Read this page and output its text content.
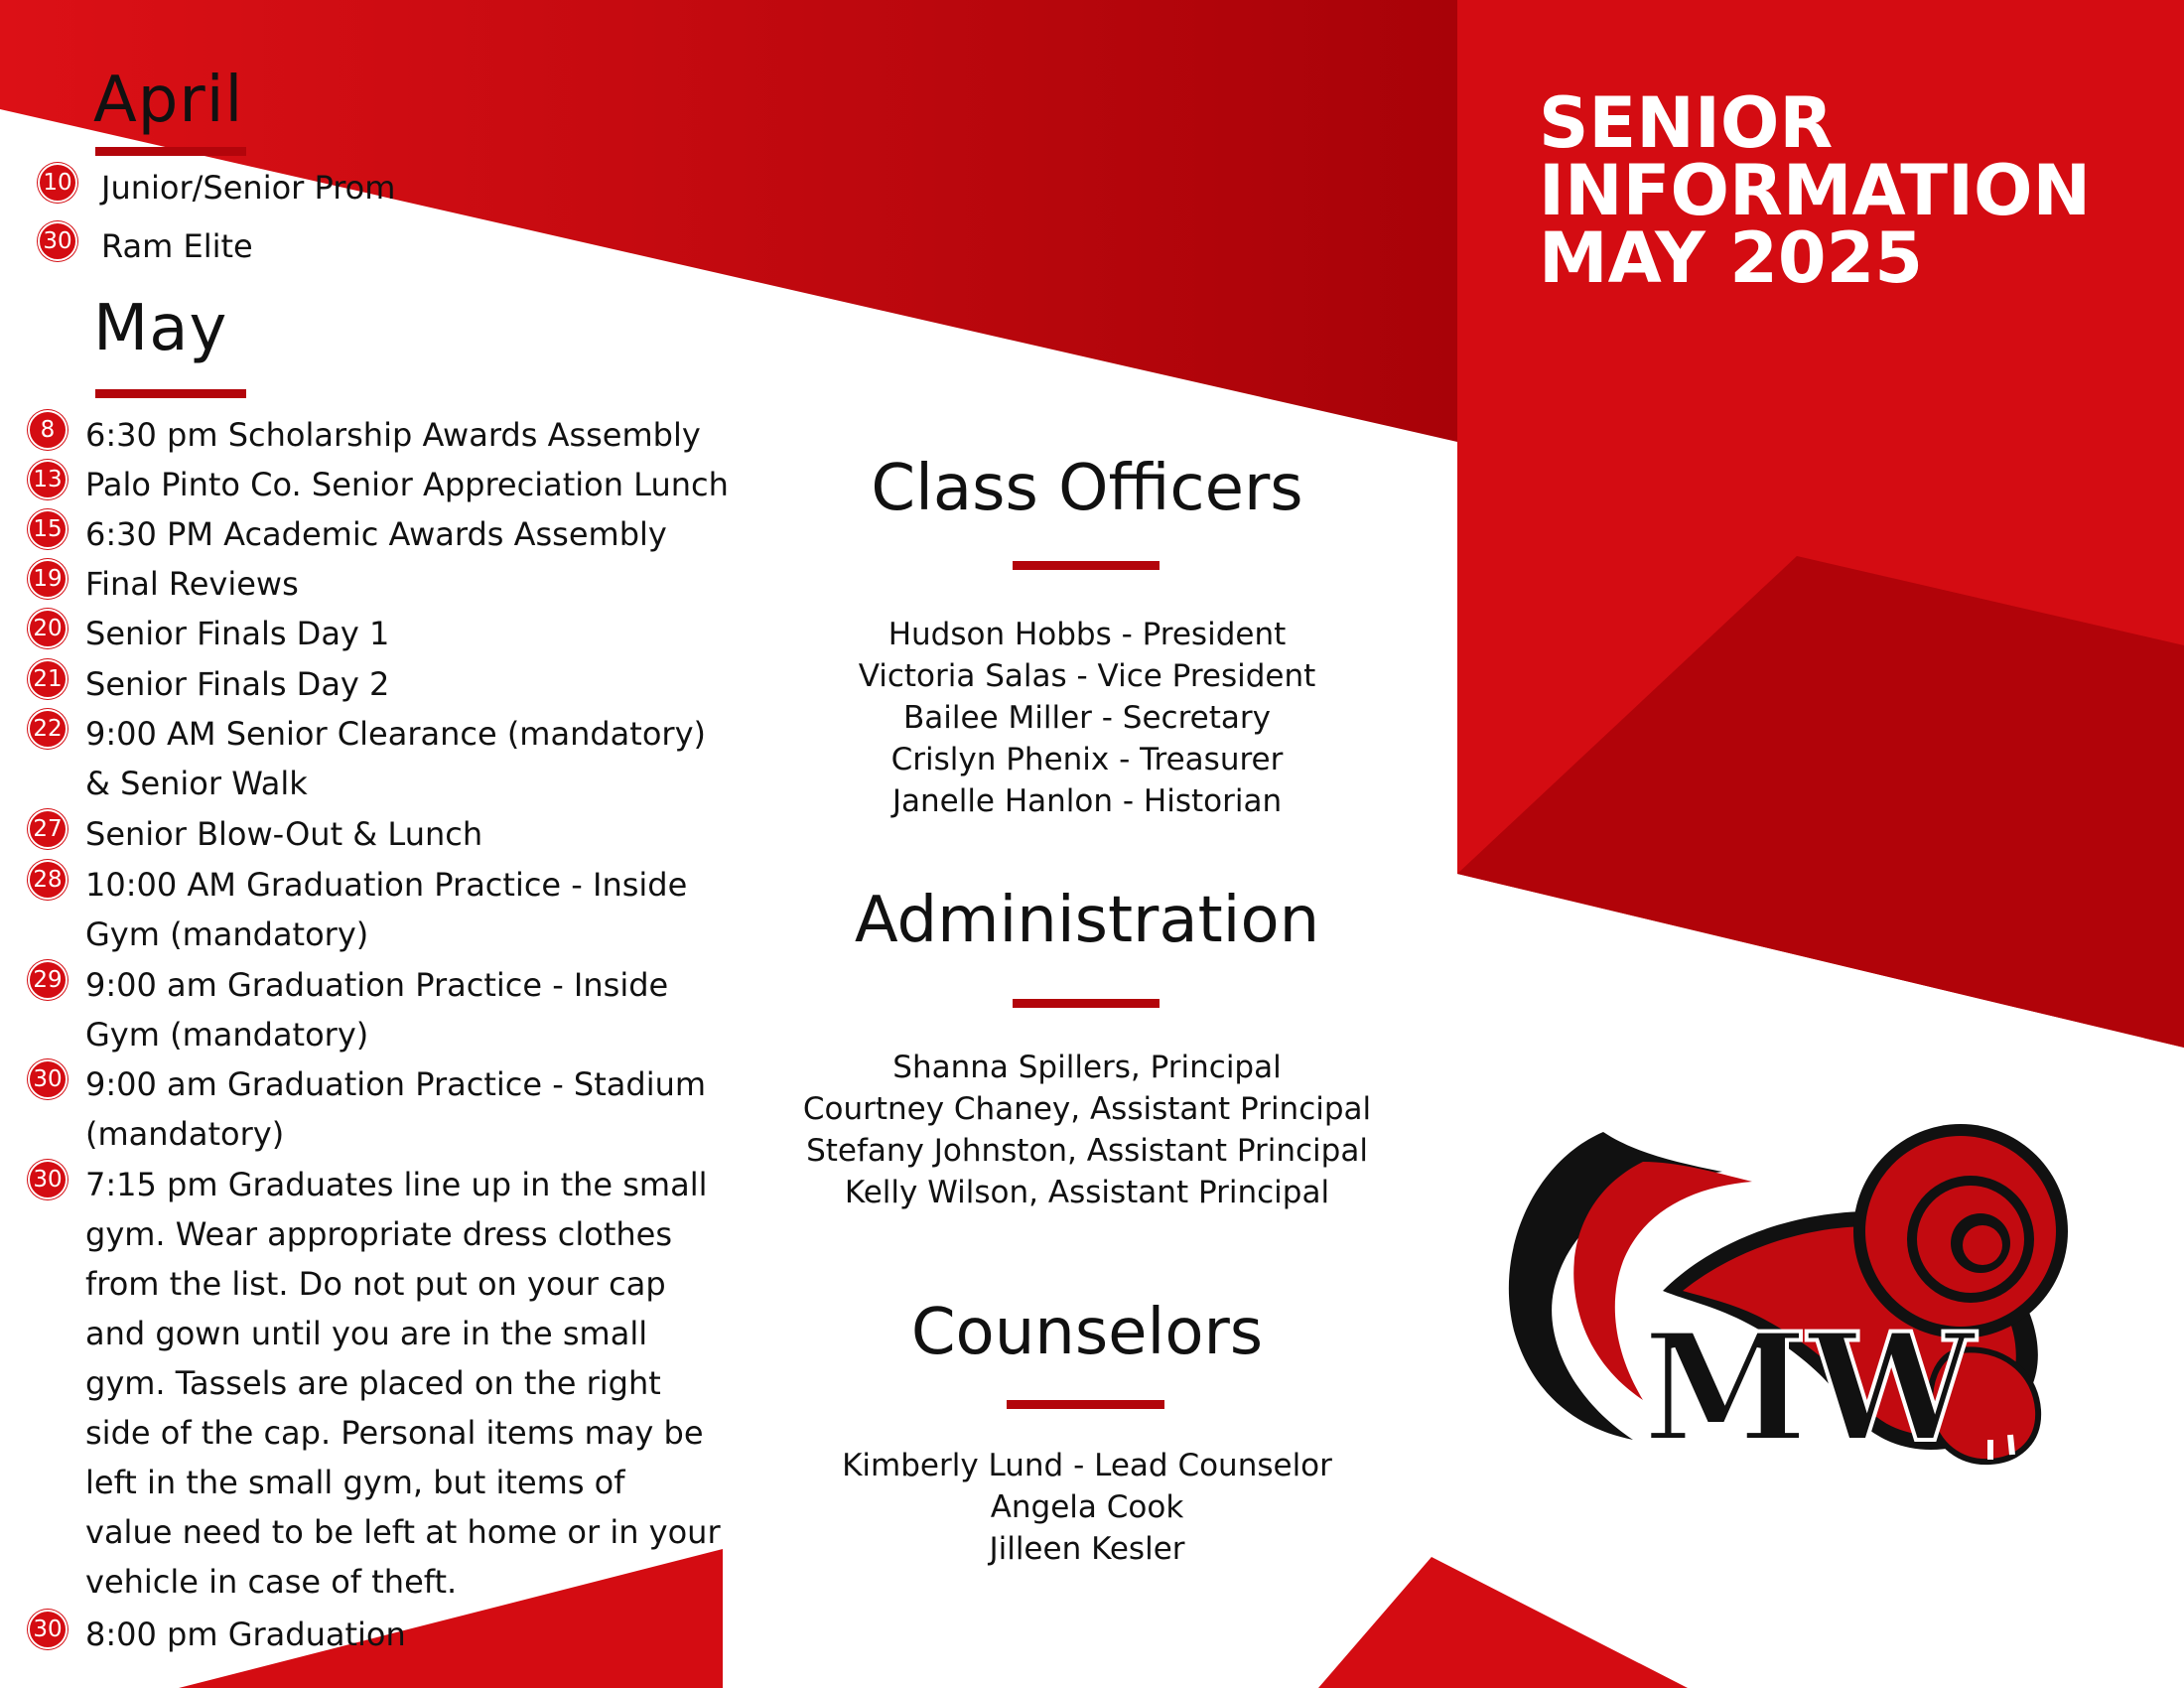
SENIOR
INFORMATION
MAY 2025
April
10 Junior/Senior Prom
30 Ram Elite
May
8 6:30 pm Scholarship Awards Assembly
13 Palo Pinto Co. Senior Appreciation Lunch
15 6:30 PM Academic Awards Assembly
19 Final Reviews
20 Senior Finals Day 1
21 Senior Finals Day 2
22 9:00 AM Senior Clearance (mandatory) & Senior Walk
27 Senior Blow-Out & Lunch
28 10:00 AM Graduation Practice - Inside Gym (mandatory)
29 9:00 am Graduation Practice - Inside Gym (mandatory)
30 9:00 am Graduation Practice - Stadium (mandatory)
30 7:15 pm Graduates line up in the small gym. Wear appropriate dress clothes from the list. Do not put on your cap and gown until you are in the small gym. Tassels are placed on the right side of the cap. Personal items may be left in the small gym, but items of value need to be left at home or in your vehicle in case of theft.
30 8:00 pm Graduation
Class Officers
Hudson Hobbs - President
Victoria Salas - Vice President
Bailee Miller - Secretary
Crislyn Phenix - Treasurer
Janelle Hanlon - Historian
Administration
Shanna Spillers, Principal
Courtney Chaney, Assistant Principal
Stefany Johnston, Assistant Principal
Kelly Wilson, Assistant Principal
Counselors
Kimberly Lund - Lead Counselor
Angela Cook
Jilleen Kesler
MW
